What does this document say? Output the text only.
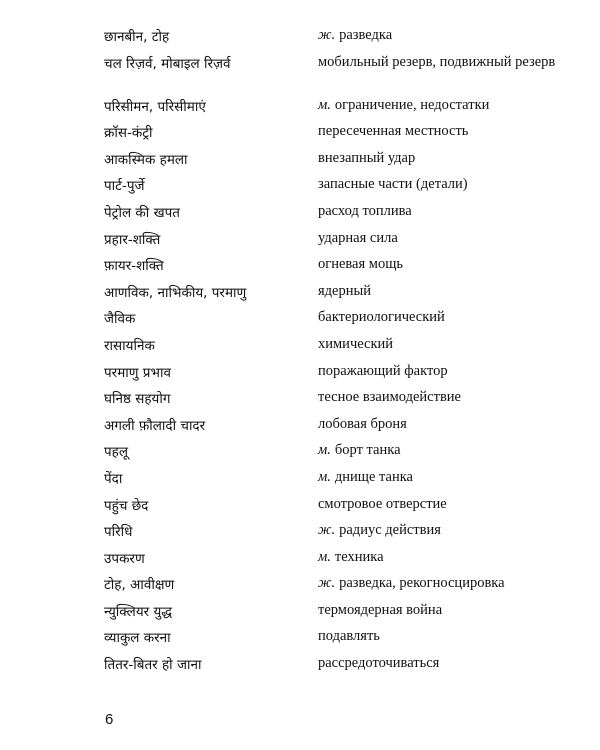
छानबीन, टोह	ж. разведка
चल रिज़र्व, मोबाइल रिज़र्व	мобильный резерв, подвижный резерв
परिसीमन, परिसीमाएं	м. ограничение, недостатки
क्रॉस-कंट्री	пересеченная местность
आकस्मिक हमला	внезапный удар
पार्ट-पुर्जे	запасные части (детали)
पेट्रोल की खपत	расход топлива
प्रहार-शक्ति	ударная сила
फ़ायर-शक्ति	огневая мощь
आणविक, नाभिकीय, परमाणु	ядерный
जैविक	бактериологический
रासायनिक	химический
परमाणु प्रभाव	поражающий фактор
घनिष्ठ सहयोग	тесное взаимодействие
अगली फ़ौलादी चादर	лобовая броня
पहलू	м. борт танка
पेंदा	м. днище танка
पहुंच छेद	смотровое отверстие
परिधि	ж. радиус действия
उपकरण	м. техника
टोह, आवीक्षण	ж. разведка, рекогносцировка
न्युक्लियर युद्ध	термоядерная война
व्याकुल करना	подавлять
तितर-बितर हो जाना	рассредоточиваться
6
